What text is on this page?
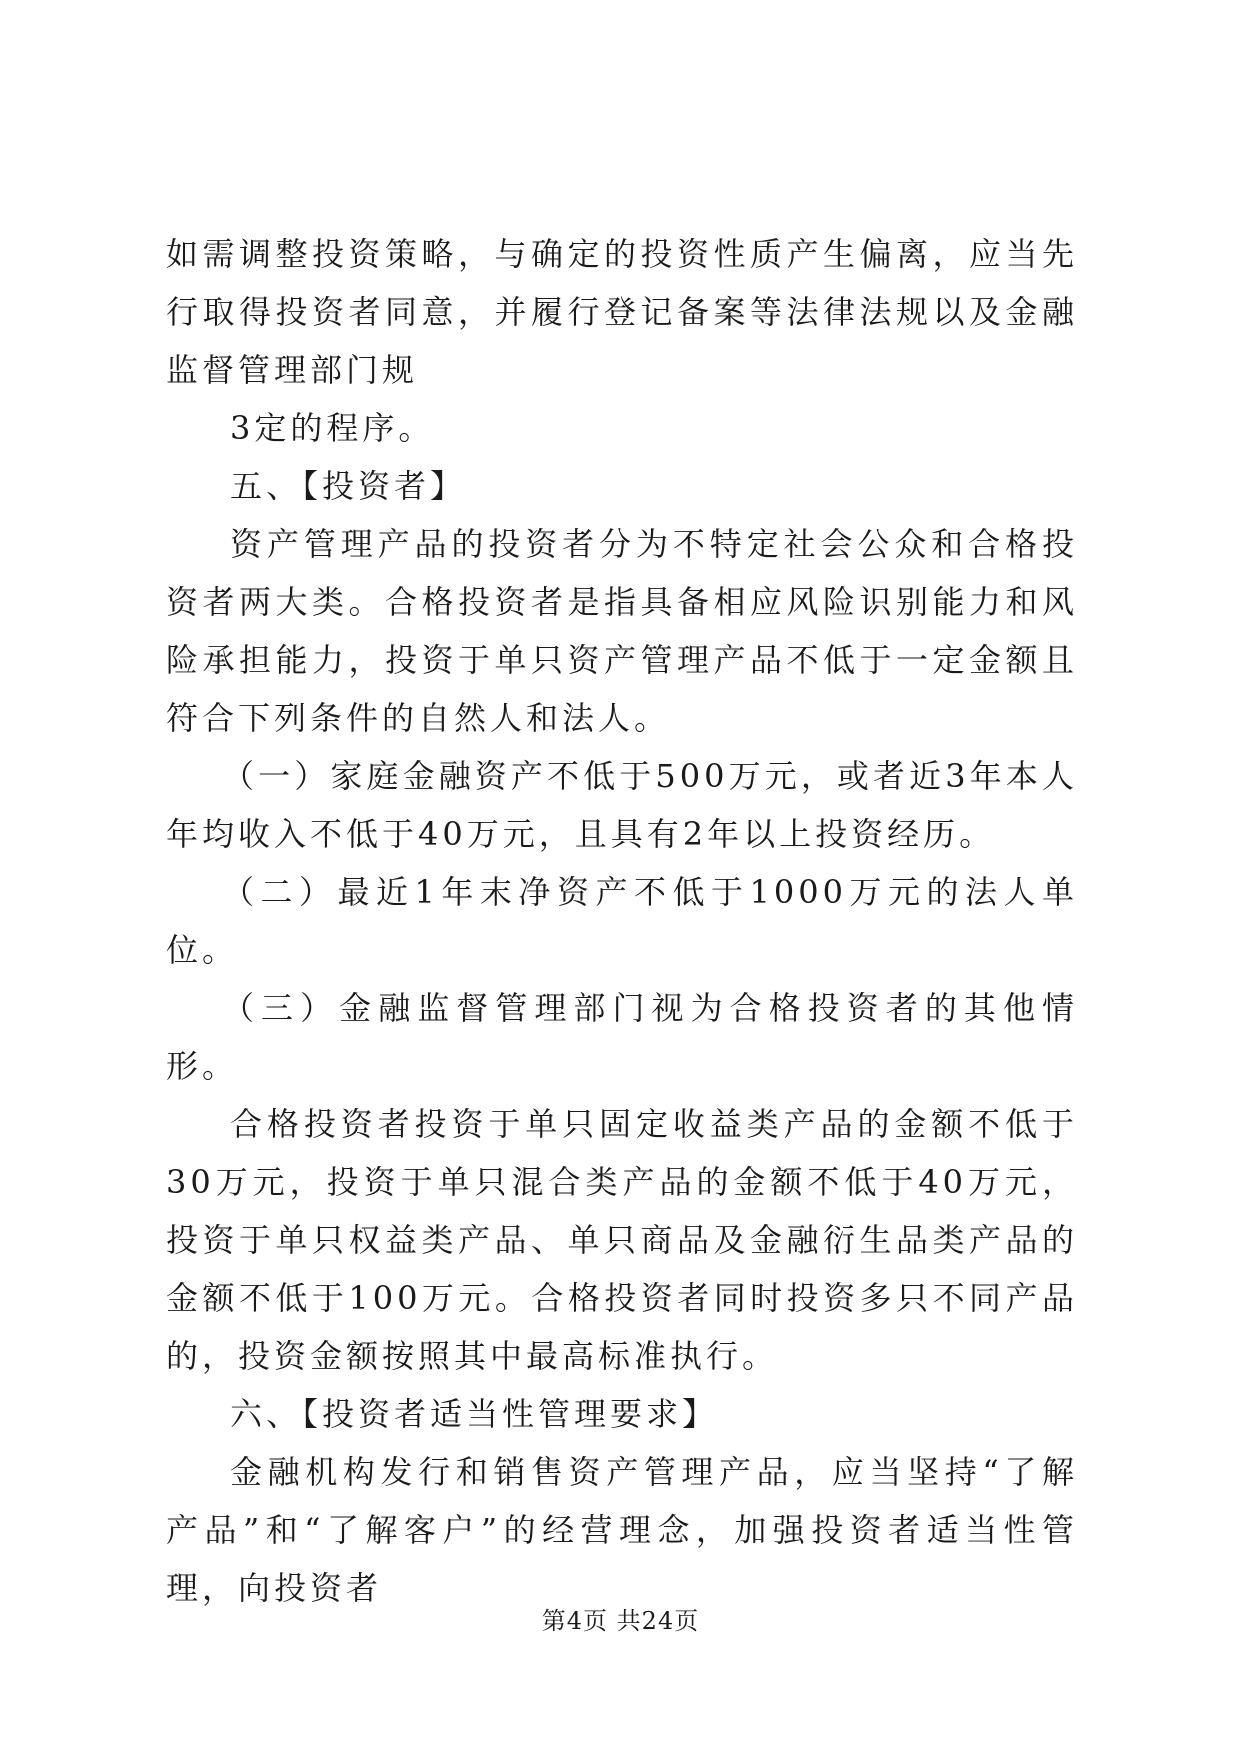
如需调整投资策略，与确定的投资性质产生偏离，应当先行取得投资者同意，并履行登记备案等法律法规以及金融监督管理部门规

3定的程序。

五、【投资者】

资产管理产品的投资者分为不特定社会公众和合格投资者两大类。合格投资者是指具备相应风险识别能力和风险承担能力，投资于单只资产管理产品不低于一定金额且符合下列条件的自然人和法人。

（一）家庭金融资产不低于500万元，或者近3年本人年均收入不低于40万元，且具有2年以上投资经历。

（二）最近1年末净资产不低于1000万元的法人单位。

（三）金融监督管理部门视为合格投资者的其他情形。

合格投资者投资于单只固定收益类产品的金额不低于30万元，投资于单只混合类产品的金额不低于40万元，投资于单只权益类产品、单只商品及金融衍生品类产品的金额不低于100万元。合格投资者同时投资多只不同产品的，投资金额按照其中最高标准执行。

六、【投资者适当性管理要求】

金融机构发行和销售资产管理产品，应当坚持“了解产品”和“了解客户”的经营理念，加强投资者适当性管理，向投资者

第4页 共24页
